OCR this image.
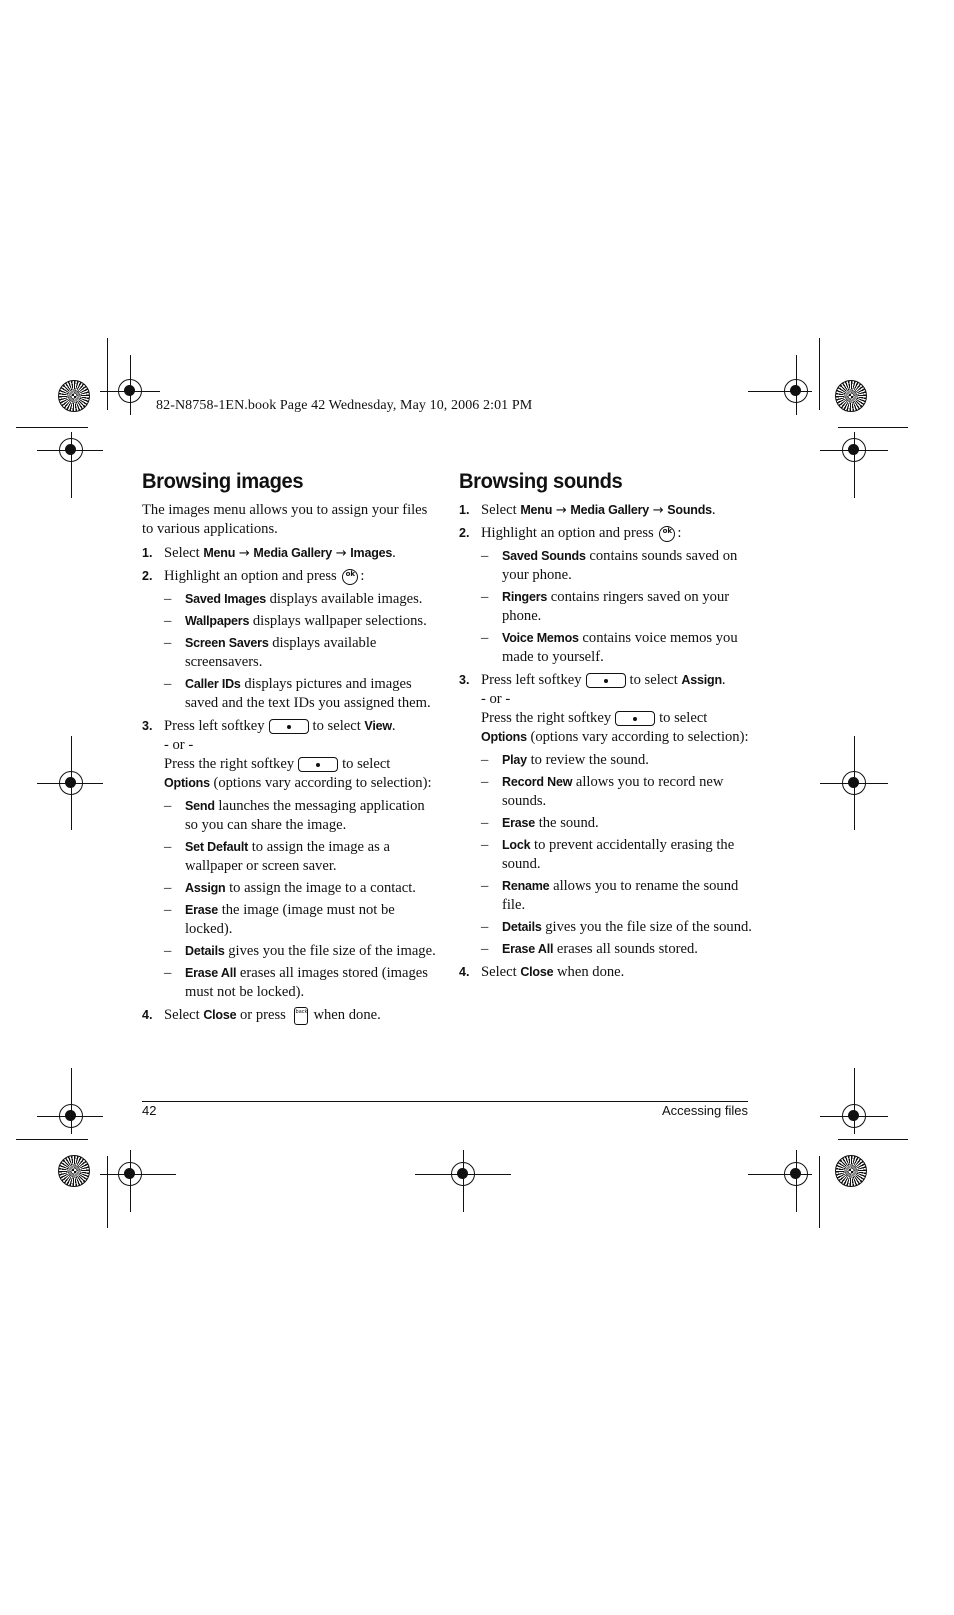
82-N8758-1EN.book Page 42 Wednesday, May 10, 2006 2:01 PM
Browsing images
The images menu allows you to assign your files to various applications.
1. Select Menu → Media Gallery → Images.
2. Highlight an option and press ok :
– Saved Images displays available images.
– Wallpapers displays wallpaper selections.
– Screen Savers displays available screensavers.
– Caller IDs displays pictures and images saved and the text IDs you assigned them.
3. Press left softkey	to select View.
- or -
Press the right softkey	to select
Options (options vary according to selection):
– Send launches the messaging application so you can share the image.
– Set Default to assign the image as a wallpaper or screen saver.
– Assign to assign the image to a contact.
– Erase the image (image must not be locked).
– Details gives you the file size of the image.
– Erase All erases all images stored (images must not be locked).
4. Select Close or press back when done.
Browsing sounds
1. Select Menu → Media Gallery → Sounds.
2. Highlight an option and press ok :
– Saved Sounds contains sounds saved on your phone.
– Ringers contains ringers saved on your phone.
– Voice Memos contains voice memos you made to yourself.
3. Press left softkey	to select Assign.
- or -
Press the right softkey	to select
Options (options vary according to selection):
– Play to review the sound.
– Record New allows you to record new sounds.
– Erase the sound.
– Lock to prevent accidentally erasing the sound.
– Rename allows you to rename the sound file.
– Details gives you the file size of the sound.
– Erase All erases all sounds stored.
4. Select Close when done.
42	Accessing files
